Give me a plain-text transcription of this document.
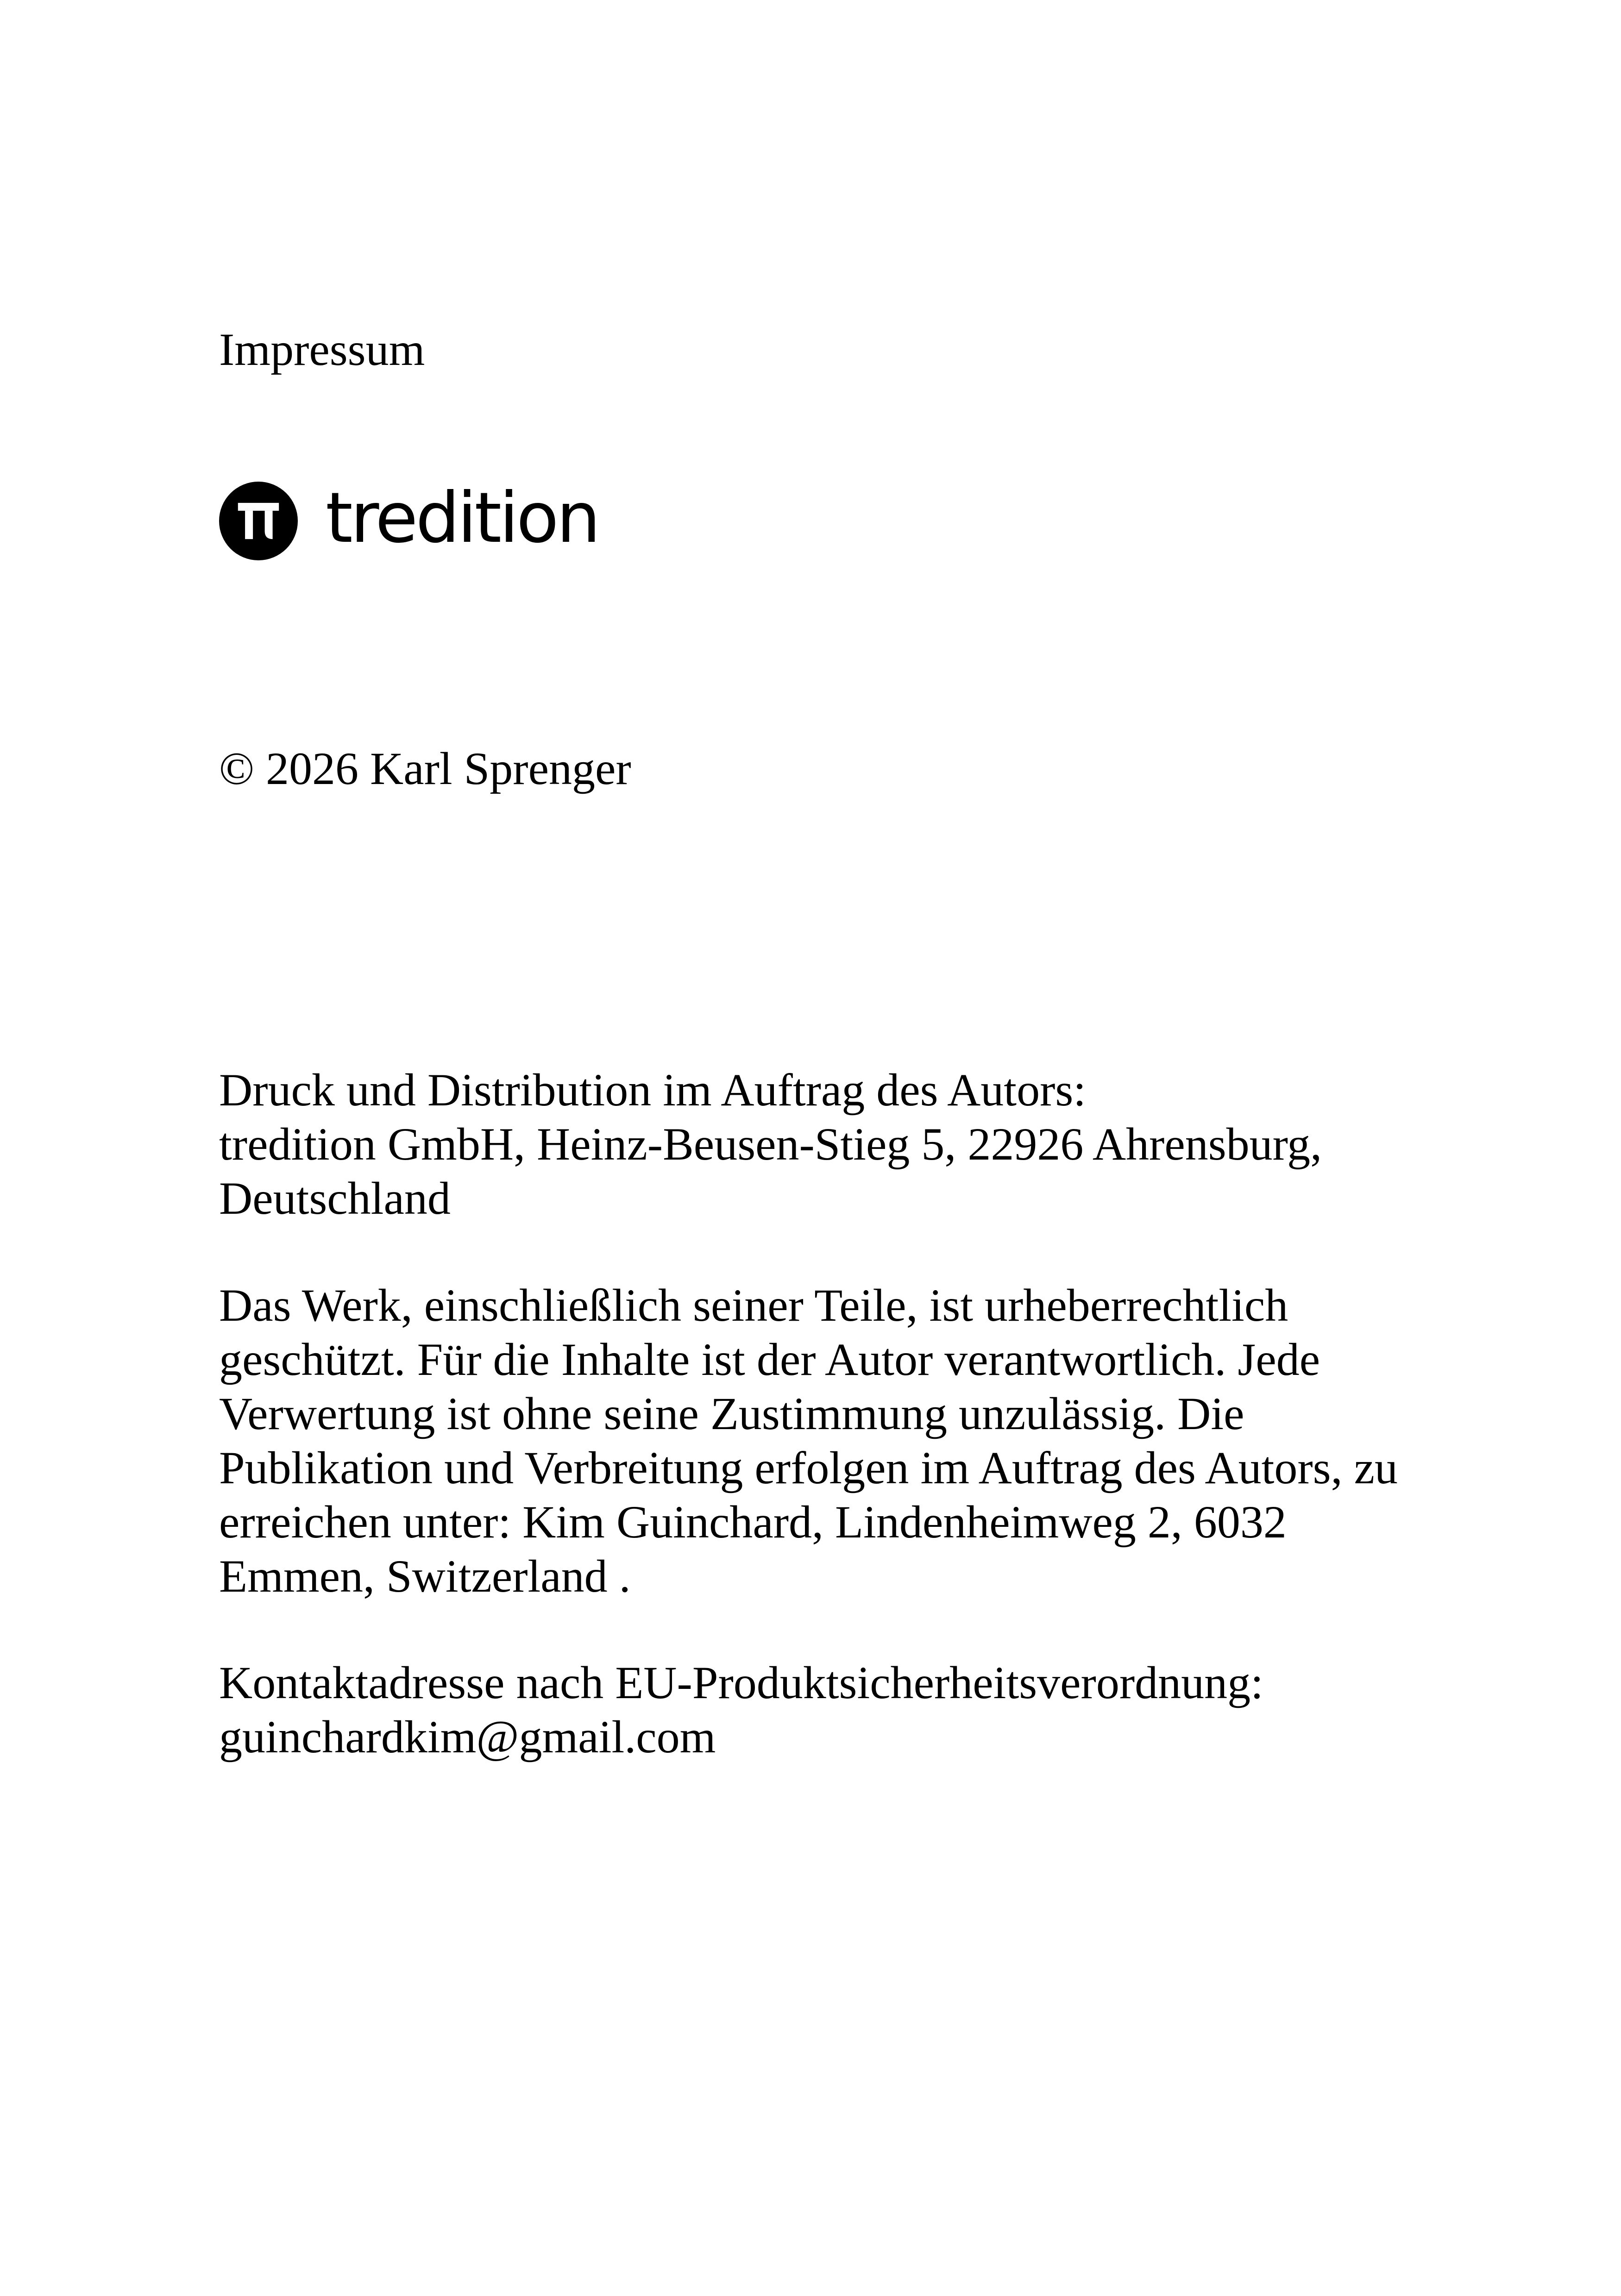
Impressum
tredition
© 2026 Karl Sprenger
Druck und Distribution im Auftrag des Autors:
tredition GmbH, Heinz-Beusen-Stieg 5, 22926 Ahrensburg,
Deutschland
Das Werk, einschließlich seiner Teile, ist urheberrechtlich
geschützt. Für die Inhalte ist der Autor verantwortlich. Jede
Verwertung ist ohne seine Zustimmung unzulässig. Die
Publikation und Verbreitung erfolgen im Auftrag des Autors, zu
erreichen unter: Kim Guinchard, Lindenheimweg 2, 6032
Emmen, Switzerland .
Kontaktadresse nach EU-Produktsicherheitsverordnung:
guinchardkim@gmail.com
